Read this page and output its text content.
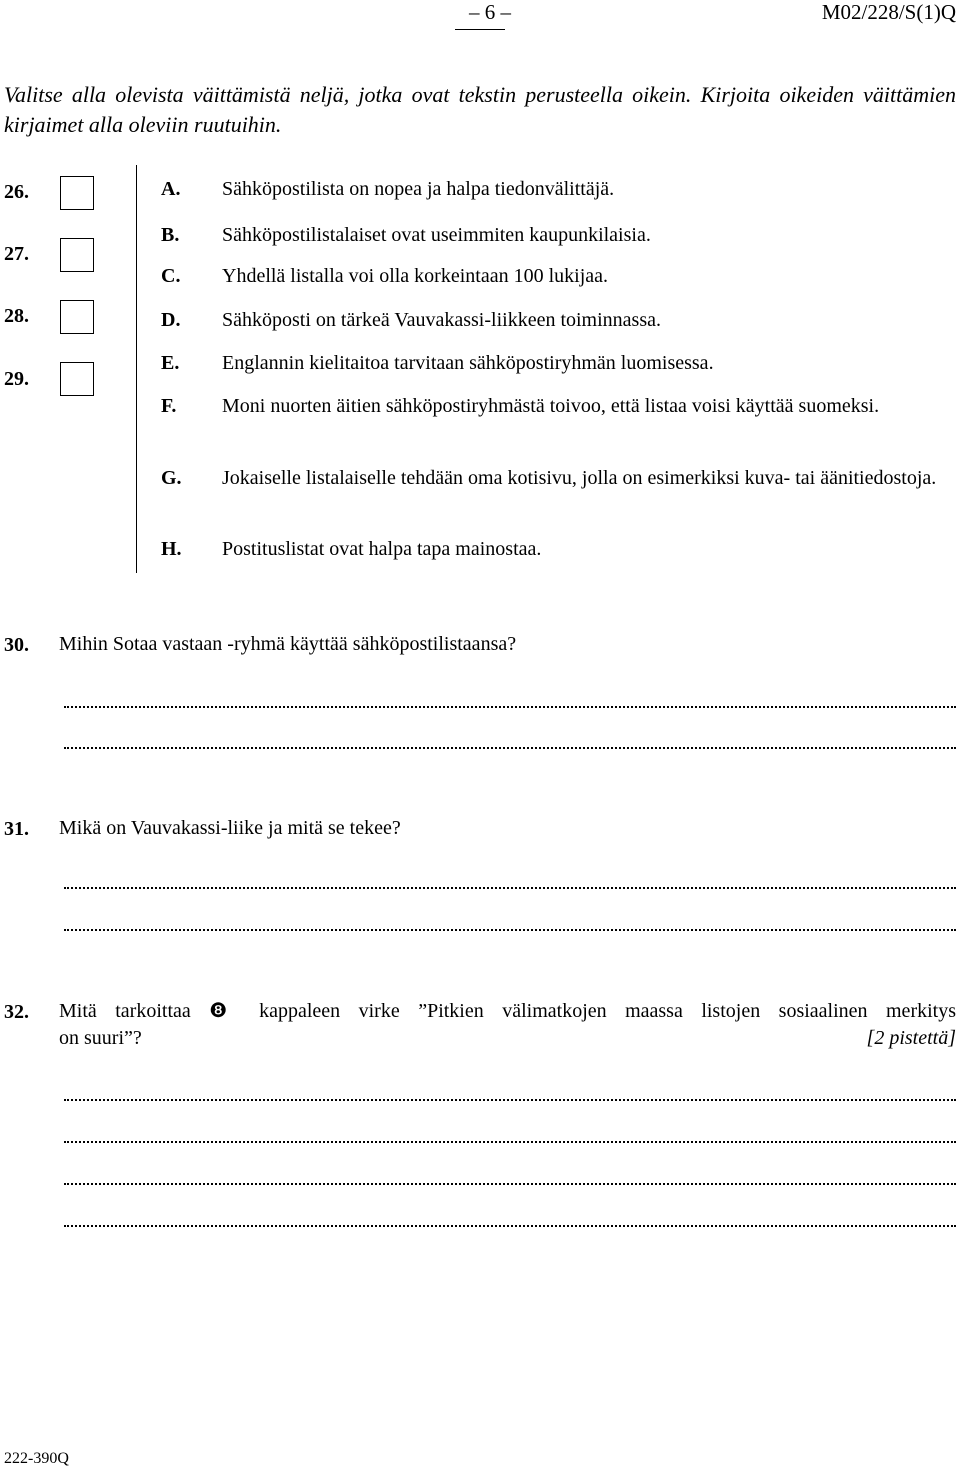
– 6 –	M02/228/S(1)Q

Valitse alla olevista väittämistä neljä, jotka ovat tekstin perusteella oikein. Kirjoita oikeiden väittämien kirjaimet alla oleviin ruutuihin.

26.
27.
28.
29.
A. Sähköpostilista on nopea ja halpa tiedonvälittäjä.
B. Sähköpostilistalaiset ovat useimmiten kaupunkilaisia.
C. Yhdellä listalla voi olla korkeintaan 100 lukijaa.
D. Sähköposti on tärkeä Vauvakassi-liikkeen toiminnassa.
E. Englannin kielitaitoa tarvitaan sähköpostiryhmän luomisessa.
F. Moni nuorten äitien sähköpostiryhmästä toivoo, että listaa voisi käyttää suomeksi.
G. Jokaiselle listalaiselle tehdään oma kotisivu, jolla on esimerkiksi kuva- tai äänitiedostoja.
H. Postituslistat ovat halpa tapa mainostaa.
30. Mihin Sotaa vastaan -ryhmä käyttää sähköpostilistaansa?
31. Mikä on Vauvakassi-liike ja mitä se tekee?
32. Mitä tarkoittaa ❽ kappaleen virke ”Pitkien välimatkojen maassa listojen sosiaalinen merkitys
on suuri”?	[2 pistettä]
222-390Q
